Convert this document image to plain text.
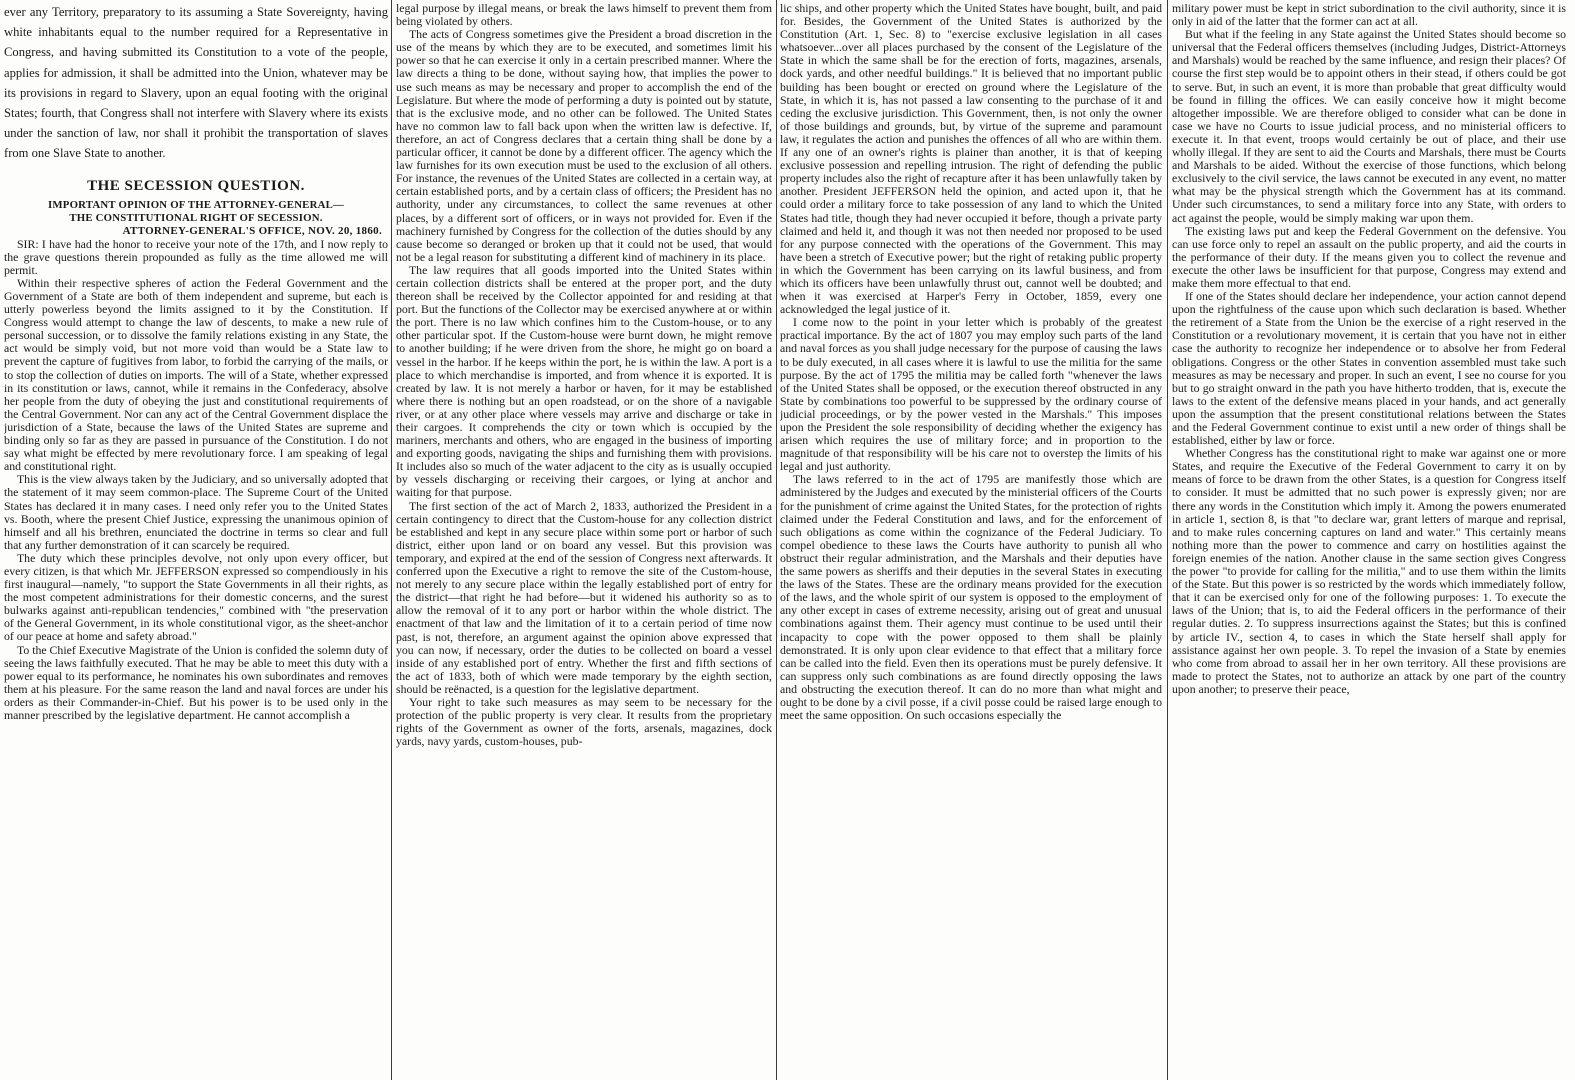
ever any Territory, preparatory to its assuming a State Sovereignty, having white inhabitants equal to the number required for a Representative in Congress, and having submitted its Constitution to a vote of the people, applies for admission, it shall be admitted into the Union, whatever may be its provisions in regard to Slavery, upon an equal footing with the original States; fourth, that Congress shall not interfere with Slavery where its exists under the sanction of law, nor shall it prohibit the transportation of slaves from one Slave State to another.

THE SECESSION QUESTION.
IMPORTANT OPINION OF THE ATTORNEY-GENERAL—
THE CONSTITUTIONAL RIGHT OF SECESSION.
ATTORNEY-GENERAL'S OFFICE, NOV. 20, 1860.

SIR: I have had the honor to receive your note of the 17th, and I now reply to the grave questions therein propounded as fully as the time allowed me will permit.

Within their respective spheres of action the Federal Government and the Government of a State are both of them independent and supreme, but each is utterly powerless beyond the limits assigned to it by the Constitution. If Congress would attempt to change the law of descents, to make a new rule of personal succession, or to dissolve the family relations existing in any State, the act would be simply void, but not more void than would be a State law to prevent the capture of fugitives from labor, to forbid the carrying of the mails, or to stop the collection of duties on imports. The will of a State, whether expressed in its constitution or laws, cannot, while it remains in the Confederacy, absolve her people from the duty of obeying the just and constitutional requirements of the Central Government. Nor can any act of the Central Government displace the jurisdiction of a State, because the laws of the United States are supreme and binding only so far as they are passed in pursuance of the Constitution. I do not say what might be effected by mere revolutionary force. I am speaking of legal and constitutional right.

This is the view always taken by the Judiciary, and so universally adopted that the statement of it may seem common-place. The Supreme Court of the United States has declared it in many cases. I need only refer you to the United States vs. Booth, where the present Chief Justice, expressing the unanimous opinion of himself and all his brethren, enunciated the doctrine in terms so clear and full that any further demonstration of it can scarcely be required.

The duty which these principles devolve, not only upon every officer, but every citizen, is that which Mr. JEFFERSON expressed so compendiously in his first inaugural—namely, "to support the State Governments in all their rights, as the most competent administrations for their domestic concerns, and the surest bulwarks against anti-republican tendencies," combined with "the preservation of the General Government, in its whole constitutional vigor, as the sheet-anchor of our peace at home and safety abroad."

To the Chief Executive Magistrate of the Union is confided the solemn duty of seeing the laws faithfully executed. That he may be able to meet this duty with a power equal to its performance, he nominates his own subordinates and removes them at his pleasure. For the same reason the land and naval forces are under his orders as their Commander-in-Chief. But his power is to be used only in the manner prescribed by the legislative department. He cannot accomplish a

legal purpose by illegal means, or break the laws himself to prevent them from being violated by others.

The acts of Congress sometimes give the President a broad discretion in the use of the means by which they are to be executed, and sometimes limit his power so that he can exercise it only in a certain prescribed manner. Where the law directs a thing to be done, without saying how, that implies the power to use such means as may be necessary and proper to accomplish the end of the Legislature. But where the mode of performing a duty is pointed out by statute, that is the exclusive mode, and no other can be followed. The United States have no common law to fall back upon when the written law is defective. If, therefore, an act of Congress declares that a certain thing shall be done by a particular officer, it cannot be done by a different officer. The agency which the law furnishes for its own execution must be used to the exclusion of all others. For instance, the revenues of the United States are collected in a certain way, at certain established ports, and by a certain class of officers; the President has no authority, under any circumstances, to collect the same revenues at other places, by a different sort of officers, or in ways not provided for. Even if the machinery furnished by Congress for the collection of the duties should by any cause become so deranged or broken up that it could not be used, that would not be a legal reason for substituting a different kind of machinery in its place.

The law requires that all goods imported into the United States within certain collection districts shall be entered at the proper port, and the duty thereon shall be received by the Collector appointed for and residing at that port. But the functions of the Collector may be exercised anywhere at or within the port. There is no law which confines him to the Custom-house, or to any other particular spot. If the Custom-house were burnt down, he might remove to another building; if he were driven from the shore, he might go on board a vessel in the harbor. If he keeps within the port, he is within the law. A port is a place to which merchandise is imported, and from whence it is exported. It is created by law. It is not merely a harbor or haven, for it may be established where there is nothing but an open roadstead, or on the shore of a navigable river, or at any other place where vessels may arrive and discharge or take in their cargoes. It comprehends the city or town which is occupied by the mariners, merchants and others, who are engaged in the business of importing and exporting goods, navigating the ships and furnishing them with provisions. It includes also so much of the water adjacent to the city as is usually occupied by vessels discharging or receiving their cargoes, or lying at anchor and waiting for that purpose.

The first section of the act of March 2, 1833, authorized the President in a certain contingency to direct that the Custom-house for any collection district be established and kept in any secure place within some port or harbor of such district, either upon land or on board any vessel. But this provision was temporary, and expired at the end of the session of Congress next afterwards. It conferred upon the Executive a right to remove the site of the Custom-house, not merely to any secure place within the legally established port of entry for the district—that right he had before—but it widened his authority so as to allow the removal of it to any port or harbor within the whole district. The enactment of that law and the limitation of it to a certain period of time now past, is not, therefore, an argument against the opinion above expressed that you can now, if necessary, order the duties to be collected on board a vessel inside of any established port of entry. Whether the first and fifth sections of the act of 1833, both of which were made temporary by the eighth section, should be reënacted, is a question for the legislative department.

Your right to take such measures as may seem to be necessary for the protection of the public property is very clear. It results from the proprietary rights of the Government as owner of the forts, arsenals, magazines, dock yards, navy yards, custom-houses, pub-

lic ships, and other property which the United States have bought, built, and paid for. Besides, the Government of the United States is authorized by the Constitution (Art. 1, Sec. 8) to "exercise exclusive legislation in all cases whatsoever...over all places purchased by the consent of the Legislature of the State in which the same shall be for the erection of forts, magazines, arsenals, dock yards, and other needful buildings." It is believed that no important public building has been bought or erected on ground where the Legislature of the State, in which it is, has not passed a law consenting to the purchase of it and ceding the exclusive jurisdiction. This Government, then, is not only the owner of those buildings and grounds, but, by virtue of the supreme and paramount law, it regulates the action and punishes the offences of all who are within them. If any one of an owner's rights is plainer than another, it is that of keeping exclusive possession and repelling intrusion. The right of defending the public property includes also the right of recapture after it has been unlawfully taken by another. President JEFFERSON held the opinion, and acted upon it, that he could order a military force to take possession of any land to which the United States had title, though they had never occupied it before, though a private party claimed and held it, and though it was not then needed nor proposed to be used for any purpose connected with the operations of the Government. This may have been a stretch of Executive power; but the right of retaking public property in which the Government has been carrying on its lawful business, and from which its officers have been unlawfully thrust out, cannot well be doubted; and when it was exercised at Harper's Ferry in October, 1859, every one acknowledged the legal justice of it.

I come now to the point in your letter which is probably of the greatest practical importance. By the act of 1807 you may employ such parts of the land and naval forces as you shall judge necessary for the purpose of causing the laws to be duly executed, in all cases where it is lawful to use the militia for the same purpose. By the act of 1795 the militia may be called forth "whenever the laws of the United States shall be opposed, or the execution thereof obstructed in any State by combinations too powerful to be suppressed by the ordinary course of judicial proceedings, or by the power vested in the Marshals." This imposes upon the President the sole responsibility of deciding whether the exigency has arisen which requires the use of military force; and in proportion to the magnitude of that responsibility will be his care not to overstep the limits of his legal and just authority.

The laws referred to in the act of 1795 are manifestly those which are administered by the Judges and executed by the ministerial officers of the Courts for the punishment of crime against the United States, for the protection of rights claimed under the Federal Constitution and laws, and for the enforcement of such obligations as come within the cognizance of the Federal Judiciary. To compel obedience to these laws the Courts have authority to punish all who obstruct their regular administration, and the Marshals and their deputies have the same powers as sheriffs and their deputies in the several States in executing the laws of the States. These are the ordinary means provided for the execution of the laws, and the whole spirit of our system is opposed to the employment of any other except in cases of extreme necessity, arising out of great and unusual combinations against them. Their agency must continue to be used until their incapacity to cope with the power opposed to them shall be plainly demonstrated. It is only upon clear evidence to that effect that a military force can be called into the field. Even then its operations must be purely defensive. It can suppress only such combinations as are found directly opposing the laws and obstructing the execution thereof. It can do no more than what might and ought to be done by a civil posse, if a civil posse could be raised large enough to meet the same opposition. On such occasions especially the

military power must be kept in strict subordination to the civil authority, since it is only in aid of the latter that the former can act at all.

But what if the feeling in any State against the United States should become so universal that the Federal officers themselves (including Judges, District-Attorneys and Marshals) would be reached by the same influence, and resign their places? Of course the first step would be to appoint others in their stead, if others could be got to serve. But, in such an event, it is more than probable that great difficulty would be found in filling the offices. We can easily conceive how it might become altogether impossible. We are therefore obliged to consider what can be done in case we have no Courts to issue judicial process, and no ministerial officers to execute it. In that event, troops would certainly be out of place, and their use wholly illegal. If they are sent to aid the Courts and Marshals, there must be Courts and Marshals to be aided. Without the exercise of those functions, which belong exclusively to the civil service, the laws cannot be executed in any event, no matter what may be the physical strength which the Government has at its command. Under such circumstances, to send a military force into any State, with orders to act against the people, would be simply making war upon them.

The existing laws put and keep the Federal Government on the defensive. You can use force only to repel an assault on the public property, and aid the courts in the performance of their duty. If the means given you to collect the revenue and execute the other laws be insufficient for that purpose, Congress may extend and make them more effectual to that end.

If one of the States should declare her independence, your action cannot depend upon the rightfulness of the cause upon which such declaration is based. Whether the retirement of a State from the Union be the exercise of a right reserved in the Constitution or a revolutionary movement, it is certain that you have not in either case the authority to recognize her independence or to absolve her from Federal obligations. Congress or the other States in convention assembled must take such measures as may be necessary and proper. In such an event, I see no course for you but to go straight onward in the path you have hitherto trodden, that is, execute the laws to the extent of the defensive means placed in your hands, and act generally upon the assumption that the present constitutional relations between the States and the Federal Government continue to exist until a new order of things shall be established, either by law or force.

Whether Congress has the constitutional right to make war against one or more States, and require the Executive of the Federal Government to carry it on by means of force to be drawn from the other States, is a question for Congress itself to consider. It must be admitted that no such power is expressly given; nor are there any words in the Constitution which imply it. Among the powers enumerated in article 1, section 8, is that "to declare war, grant letters of marque and reprisal, and to make rules concerning captures on land and water." This certainly means nothing more than the power to commence and carry on hostilities against the foreign enemies of the nation. Another clause in the same section gives Congress the power "to provide for calling for the militia," and to use them within the limits of the State. But this power is so restricted by the words which immediately follow, that it can be exercised only for one of the following purposes: 1. To execute the laws of the Union; that is, to aid the Federal officers in the performance of their regular duties. 2. To suppress insurrections against the States; but this is confined by article IV., section 4, to cases in which the State herself shall apply for assistance against her own people. 3. To repel the invasion of a State by enemies who come from abroad to assail her in her own territory. All these provisions are made to protect the States, not to authorize an attack by one part of the country upon another; to preserve their peace,
